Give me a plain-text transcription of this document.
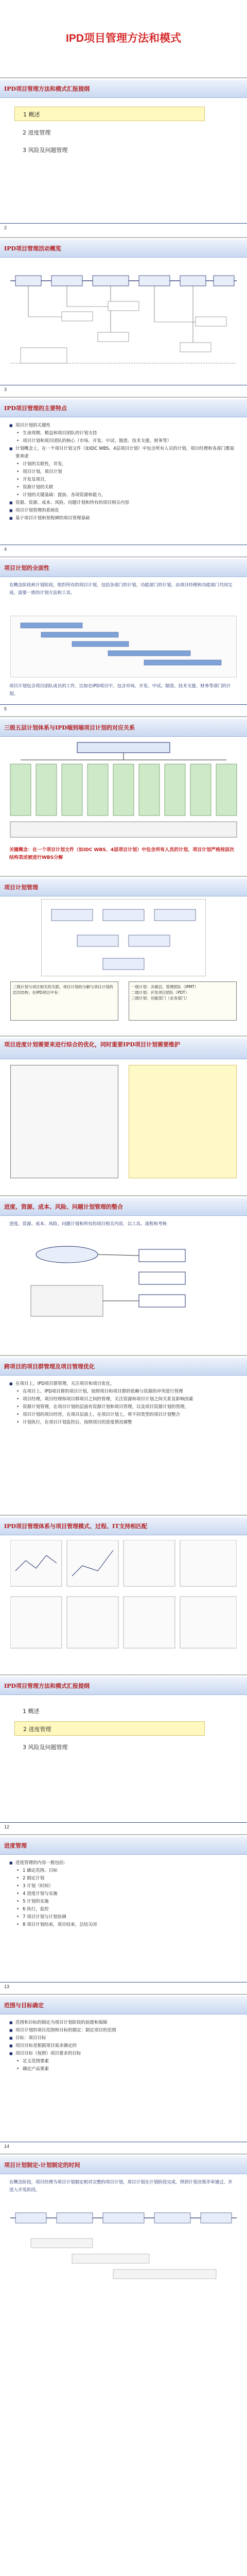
IPD项目管理方法和模式
IPD项目管理方法和模式汇报提纲
1 概述
2 进度管理
3 风险及问题管理
2
IPD项目管理活动概览
3
IPD项目管理的主要特点
■ 项目计划的关键性
• 生命周期、精益和项目团队的计划支持
• 项目计划和项目团队的核心（市场、开发、中试、制造、技术支援、财务等）
■ 计划概念上，在一个项目计划文件（如IDC WBS、4层项目计划）中包含所有人员的计划，项目经理和各部门都需要承诺
• 计划的关联性，并发，
• 项目计划，项目计划
• 开发及项目，
• 资源计划的关联
• 计划的关键基础：提前、各项资源和能力，
■ 资源、资源、成本、风险、问题计划和所有的项目相关内容
■ 项目计划管理的系统化
■ 基于项目计划和里程碑的项目管理基础
4
项目计划的全面性
在概念阶段和计划阶段，组织所有的项目计划，包括各部门的计划，功能部门的计划，由项目经理和功能部门共同完成，需要一致的计划方法和工具。
项目计划包含项目团队成员的工作，比如在IPD项目中，包含市场、开发、中试、制造、技术支援、财务等部门的计划。
5
三级五层计划体系与IPD端到端项目计划的对应关系
关键概念：在一个项目计划文件（如IDC WBS、4层项目计划）中包含所有人员的计划，项目计划严格按层次结构表述被进行WBS分解
项目计划管理
三级计划与项目相关的关联，项目计划的分解与项目计划的层次结构；在IPD项目中有：
一级计划：决策层，管理团队（IPMT）
二级计划：开发项目团队（PDT）
三级计划：功能部门（业务部门）
项目进度计划需要来进行综合的优化，同时重要IPD项目计划需要维护
进度、资源、成本、风险、问题计划管理的整合
进度、资源、成本、风险、问题计划和所有的项目相关内容，以工具、流程和考核
跨项目的项目群管理及项目管理优化
■ 在项目上，IPD项目群管理，关注项目和项目优化，
• 在项目上，IPD项目群的项目计划，按照项目和项目群的依赖与资源的冲突进行管理
• 项目经理，项目经理和项目群项目之间的管理，关注资源和项目计划之间关系及影响因素
• 资源计划管理，在项目计划的层面有资源计划和项目管理，以及项目资源计划的管理，
• 项目计划的项目经营，在项目层面上，在项目计划上，将不同类型的项目计划整合
• 计划执行，在项目计划监控后，按照项目的进度情况调整
IPD项目管理体系与项目管理模式、过程、IT支持相匹配
IPD项目管理方法和模式汇报提纲
1 概述
2 进度管理
3 风险及问题管理
12
进度管理
■ 进度管理的内容一般包括：
• 1 确定范围、目标
• 2 制定计划
• 3 计划（时间）
• 4 进度计划与实施
• 5 计划的实施
• 6 执行，监控
• 7 项目计划与计划协调
• 8 项目计划结束，项目结束，总结关闭
13
范围与目标确定
■ 范围和目标的制定为项目计划阶段的前提和保障
■ 项目计划的项目范围和目标的制定：制定项目的范围
■ 目标：项目目标
■ 项目目标是根据项目需求确定的
■ 项目目标（按照）项目要求的目标
• 定义范围要素
• 确定产品要素
14
项目计划制定-计划制定的时间
在概念阶段，项目经理为项目计划制定相对完整的项目计划，项目计划在计划阶段完成，得到计划决策评审通过，并进入开发阶段。
